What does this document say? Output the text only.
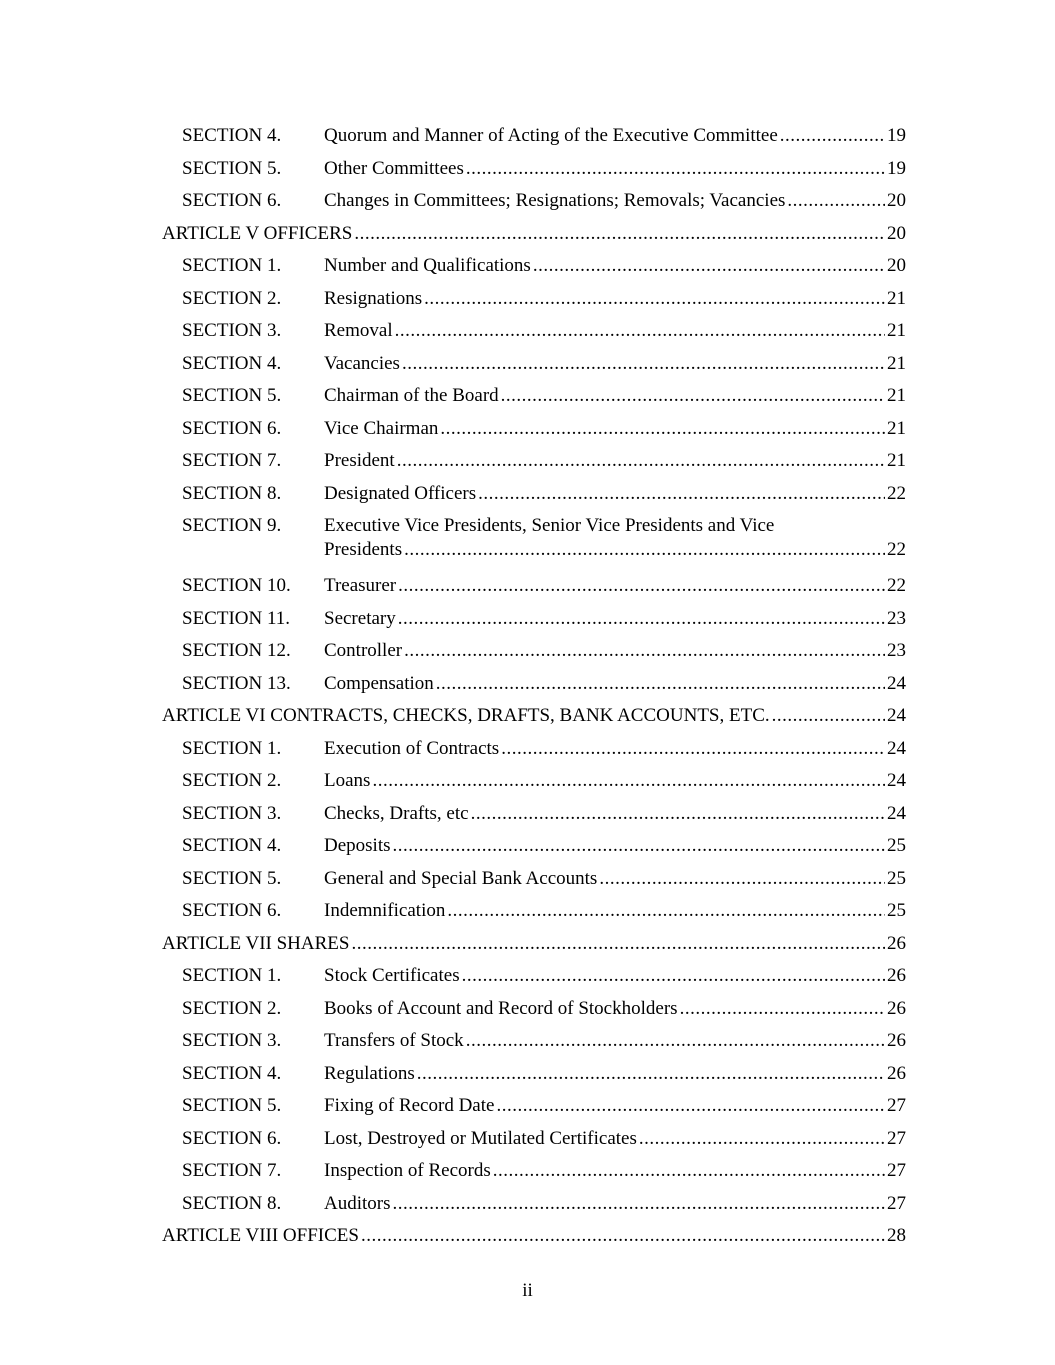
SECTION 4.	Quorum and Manner of Acting of the Executive Committee .....	19
SECTION 5.	Other Committees .....	19
SECTION 6.	Changes in Committees; Resignations; Removals; Vacancies .....	20
ARTICLE V OFFICERS .....	20
SECTION 1.	Number and Qualifications .....	20
SECTION 2.	Resignations .....	21
SECTION 3.	Removal .....	21
SECTION 4.	Vacancies .....	21
SECTION 5.	Chairman of the Board .....	21
SECTION 6.	Vice Chairman .....	21
SECTION 7.	President .....	21
SECTION 8.	Designated Officers .....	22
SECTION 9.	Executive Vice Presidents, Senior Vice Presidents and Vice
Presidents .....	22
SECTION 10.	Treasurer .....	22
SECTION 11.	Secretary .....	23
SECTION 12.	Controller .....	23
SECTION 13.	Compensation .....	24
ARTICLE VI CONTRACTS, CHECKS, DRAFTS, BANK ACCOUNTS, ETC. .....	24
SECTION 1.	Execution of Contracts .....	24
SECTION 2.	Loans .....	24
SECTION 3.	Checks, Drafts, etc .....	24
SECTION 4.	Deposits .....	25
SECTION 5.	General and Special Bank Accounts .....	25
SECTION 6.	Indemnification .....	25
ARTICLE VII SHARES .....	26
SECTION 1.	Stock Certificates .....	26
SECTION 2.	Books of Account and Record of Stockholders .....	26
SECTION 3.	Transfers of Stock .....	26
SECTION 4.	Regulations .....	26
SECTION 5.	Fixing of Record Date .....	27
SECTION 6.	Lost, Destroyed or Mutilated Certificates .....	27
SECTION 7.	Inspection of Records .....	27
SECTION 8.	Auditors .....	27
ARTICLE VIII OFFICES .....	28
ii
